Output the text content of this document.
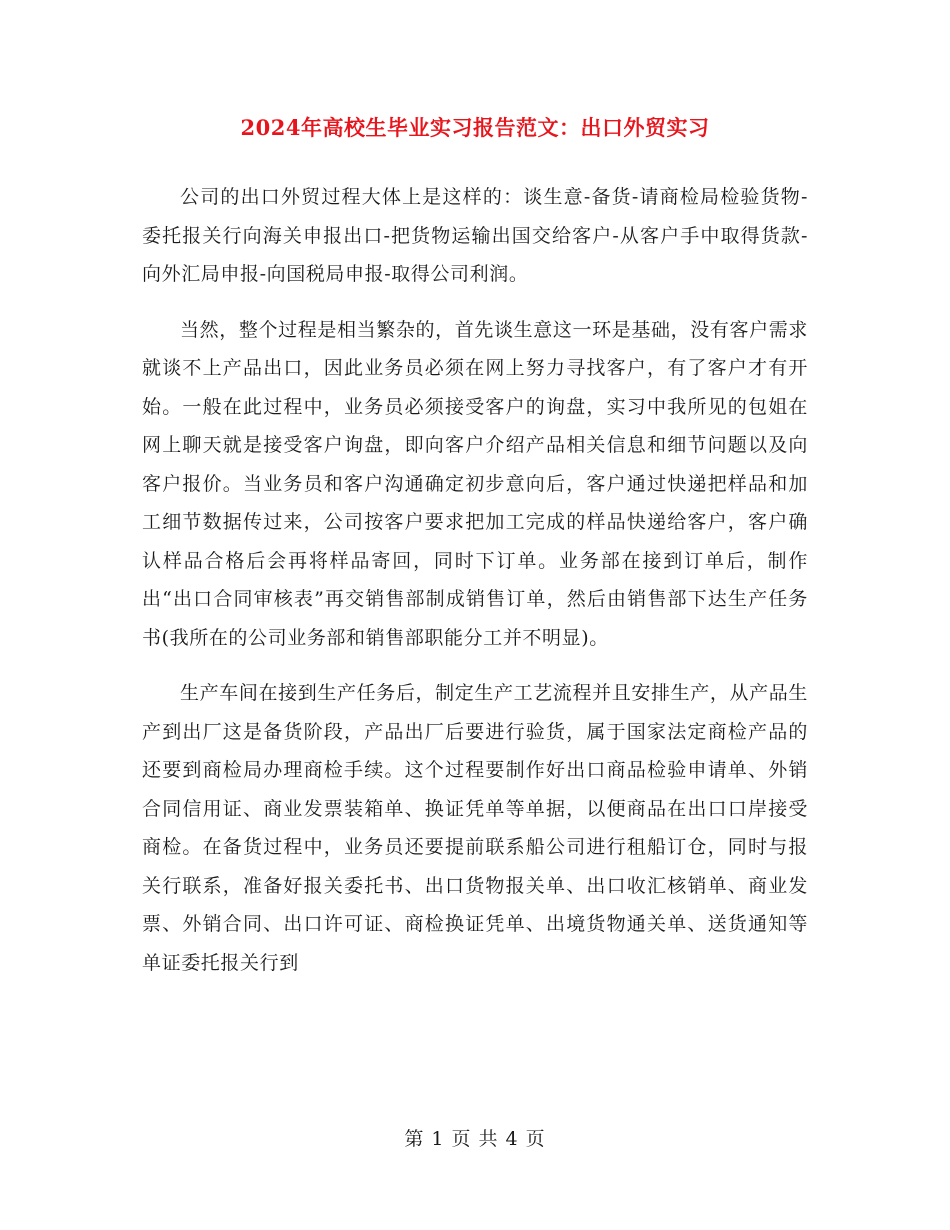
2024年高校生毕业实习报告范文：出口外贸实习

公司的出口外贸过程大体上是这样的：谈生意-备货-请商检局检验货物-委托报关行向海关申报出口-把货物运输出国交给客户-从客户手中取得货款-向外汇局申报-向国税局申报-取得公司利润。

当然，整个过程是相当繁杂的，首先谈生意这一环是基础，没有客户需求就谈不上产品出口，因此业务员必须在网上努力寻找客户，有了客户才有开始。一般在此过程中，业务员必须接受客户的询盘，实习中我所见的包姐在网上聊天就是接受客户询盘，即向客户介绍产品相关信息和细节问题以及向客户报价。当业务员和客户沟通确定初步意向后，客户通过快递把样品和加工细节数据传过来，公司按客户要求把加工完成的样品快递给客户，客户确认样品合格后会再将样品寄回，同时下订单。业务部在接到订单后，制作出“出口合同审核表”再交销售部制成销售订单，然后由销售部下达生产任务书(我所在的公司业务部和销售部职能分工并不明显)。

生产车间在接到生产任务后，制定生产工艺流程并且安排生产，从产品生产到出厂这是备货阶段，产品出厂后要进行验货，属于国家法定商检产品的还要到商检局办理商检手续。这个过程要制作好出口商品检验申请单、外销合同信用证、商业发票装箱单、换证凭单等单据，以便商品在出口口岸接受商检。在备货过程中，业务员还要提前联系船公司进行租船订仓，同时与报关行联系，准备好报关委托书、出口货物报关单、出口收汇核销单、商业发票、外销合同、出口许可证、商检换证凭单、出境货物通关单、送货通知等单证委托报关行到

第 1 页 共 4 页
